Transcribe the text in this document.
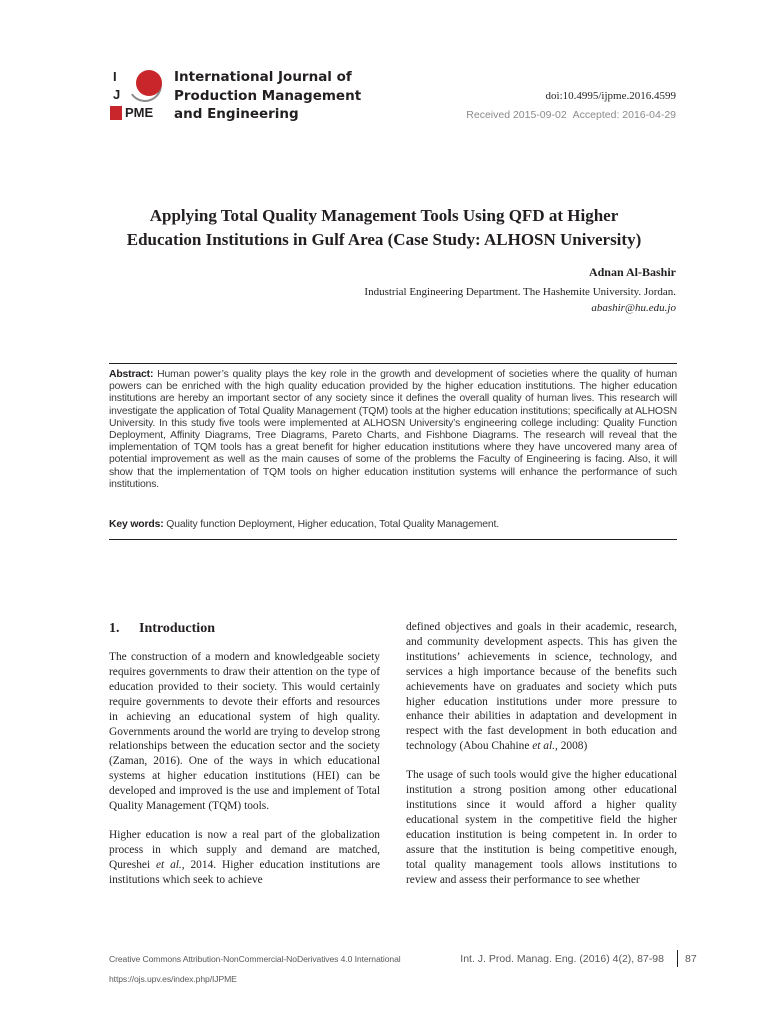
I
J
PME
International Journal of
Production Management
and Engineering
doi:10.4995/ijpme.2016.4599
Received 2015-09-02 Accepted: 2016-04-29
Applying Total Quality Management Tools Using QFD at Higher
Education Institutions in Gulf Area (Case Study: ALHOSN University)
Adnan Al-Bashir
Industrial Engineering Department. The Hashemite University. Jordan.
abashir@hu.edu.jo
Abstract: Human power’s quality plays the key role in the growth and development of societies where the quality of human powers can be enriched with the high quality education provided by the higher education institutions. The higher education institutions are hereby an important sector of any society since it defines the overall quality of human lives. This research will investigate the application of Total Quality Management (TQM) tools at the higher education institutions; specifically at ALHOSN University. In this study five tools were implemented at ALHOSN University’s engineering college including: Quality Function Deployment, Affinity Diagrams, Tree Diagrams, Pareto Charts, and Fishbone Diagrams. The research will reveal that the implementation of TQM tools has a great benefit for higher education institutions where they have uncovered many area of potential improvement as well as the main causes of some of the problems the Faculty of Engineering is facing. Also, it will show that the implementation of TQM tools on higher education institution systems will enhance the performance of such institutions.
Key words: Quality function Deployment, Higher education, Total Quality Management.
1. Introduction

The construction of a modern and knowledgeable society requires governments to draw their attention on the type of education provided to their society. This would certainly require governments to devote their efforts and resources in achieving an educational system of high quality. Governments around the world are trying to develop strong relationships between the education sector and the society (Zaman, 2016). One of the ways in which educational systems at higher education institutions (HEI) can be developed and improved is the use and implement of Total Quality Management (TQM) tools.

Higher education is now a real part of the globalization process in which supply and demand are matched, Qureshei et al., 2014. Higher education institutions are institutions which seek to achieve

defined objectives and goals in their academic, research, and community development aspects. This has given the institutions’ achievements in science, technology, and services a high importance because of the benefits such achievements have on graduates and society which puts higher education institutions under more pressure to enhance their abilities in adaptation and development in respect with the fast development in both education and technology (Abou Chahine et al., 2008)

The usage of such tools would give the higher educational institution a strong position among other educational institutions since it would afford a higher quality educational system in the competitive field the higher education institution is being competent in. In order to assure that the institution is being competitive enough, total quality management tools allows institutions to review and assess their performance to see whether

Creative Commons Attribution-NonCommercial-NoDerivatives 4.0 International
https://ojs.upv.es/index.php/IJPME
Int. J. Prod. Manag. Eng. (2016) 4(2), 87-98 87
